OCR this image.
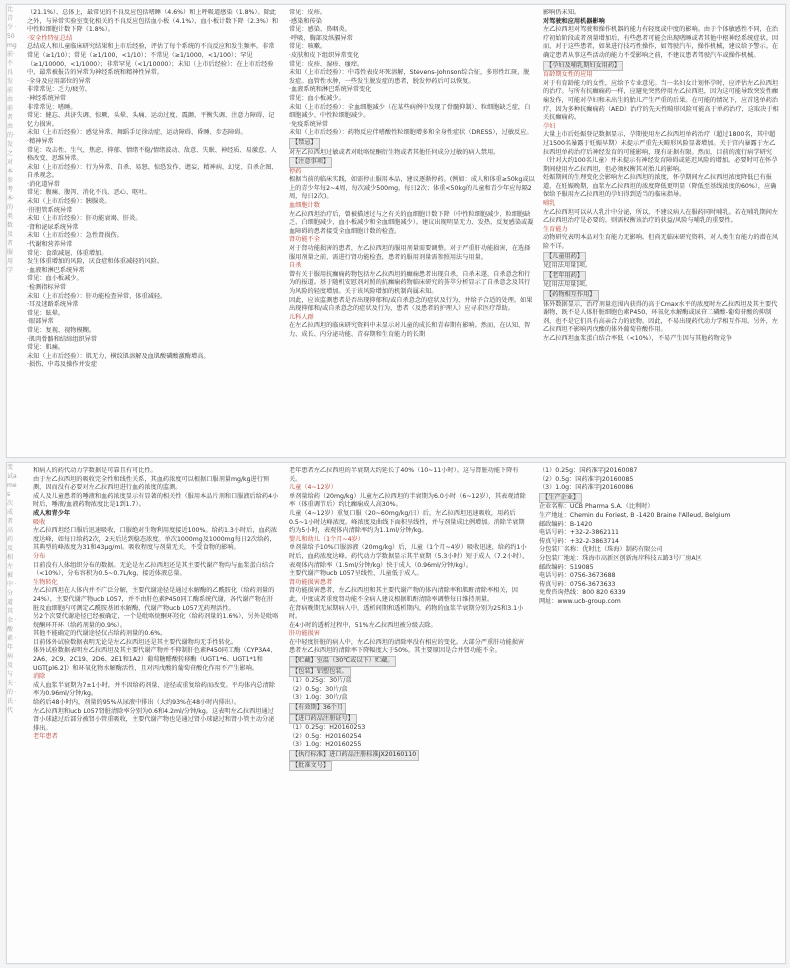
比青少 ·50mg 前·不良发前由前者由的·发之对本参考本·的类数及者服用学

（21.1%）、总体上，最常见的不良反应包括嗜睡（4.6%）和上呼吸道感染（1.8%）。除此之外，与异常实验室变化相关的不良反应包括血小板（4.1%）、血小板计数下降（2.3%）和中性粒细胞计数下降（1.8%）。

·安全性特征总结

总结成人和儿童临床研究结果和上市后经验，评估了每个系统的不良反应和发生频率。非常常见（≥1/10）；常见（≥1/100，<1/10）；不常见（≥1/1000，<1/100）；罕见（≥1/10000，<1/1000）；非常罕见（<1/10000）；未知（上市后经验）：在上市后经验中，最常被报告的异常为神经系统和精神性异常。

·全身及应用部位的异常

非常常见：乏力/疲劳。

·神经系统异常

非常常见：嗜睡。

常见：健忘、共济失调、惊厥、头晕、头痛、运动过度、震颤、平衡失调、注意力障碍、记忆力损害。

未知（上市后经验）：感觉异常、舞蹈手足徐动症、运动障碍、昏睡、步态障碍。

·精神异常

常见：攻击性、生气、焦虑、抑郁、情绪不稳/情绪波动、敌意、失眠、神经质、易激惹、人格改变、思维异常。

未知（上市后经验）：行为异常、自杀、易怒、惊恐发作、谵妄、精神病、幻觉、自杀企图、自杀观念。

·消化道异常

常见：腹痛、腹泻、消化不良、恶心、呕吐。

未知（上市后经验）：胰腺炎。

·肝胆管系统异常

未知（上市后经验）：肝功能衰竭、肝炎。

·肾和泌尿系统异常

未知（上市后经验）：急性肾损伤。

·代谢和营养异常

常见：食欲减退、体重增加。

发生体重增加的风险，厌食症和体重减轻的风险。

·血液和淋巴系统异常

常见：血小板减少。

·检测指标异常

未知（上市后经验）：肝功能检查异常、体重减轻。

·耳及迷路系统异常

常见：眩晕。

·眼部异常

常见：复视、视物模糊。

·肌肉骨骼和结缔组织异常

常见：肌痛。

未知（上市后经验）：肌无力，横纹肌溶解及血肌酸磷酸激酶增高。

·损伤、中毒及操作并发症

常见：皮疹。

·感染和传染

常见：感染、鼻咽炎。

·呼吸、胸部及纵膈异常

常见：咳嗽。

·皮肤和皮下组织异常变化

常见：皮疹、湿疹、瘙痒。

未知（上市后经验）：中毒性表皮坏死溶解，Stevens-Johnson综合征，多形性红斑，脱发症。血管性水肿，一些发生脱发症的患者，脱发停药后可以恢复。

·血液系统和淋巴系统异常变化

常见：血小板减少。

未知（上市后经验）：全血细胞减少（在某些病例中发现了骨髓抑制）、粒细胞缺乏症，白细胞减少、中性粒细胞减少。

·免疫系统异常

未知（上市后经验）：药物反应伴嗜酸性粒细胞增多和全身性症状（DRESS），过敏反应。

【禁忌】

对左乙拉西坦过敏或者对吡咯烷酮衍生物或者其他任何成分过敏的病人禁用。

【注意事项】

停药

根据当前的临床实践，如需停止服用本品，建议逐渐停药。(例如：成人和体重≥50kg或以上的青少年每2~4周，每次减少500mg，每日2次；体重<50kg的儿童和青少年应每隔2周，每日2次)。

血细胞计数

左乙拉西坦治疗后，曾被描述过与之有关的血细胞计数下降（中性粒细胞减少、粒细胞缺乏、白细胞减少、血小板减少和全血细胞减少）。建议出现明显无力、发热、反复感染或凝血障碍的患者接受全血细胞计数的检查。

肾功能不全

对于肾功能损害的患者，左乙拉西坦的服用剂量需要调整。对于严重肝功能损害，在选择服用剂量之前，需进行肾功能检查，患者的服用剂量需参照用法与用量。

自杀

曾有关于服用抗癫痫药物包括左乙拉西坦的癫痫患者出现自杀，自杀未遂，自杀意念和行为的报道。基于随机安慰剂对照的抗癫痫药物临床研究的荟萃分析显示了自杀意念及其行为风险的轻度增加。关于该风险增加的机制尚属未知。

因此，应该监测患者是否出现抑郁和/或自杀意念的症状及行为，并给予合适的处理。如果出现抑郁和/或自杀意念的症状及行为，患者（及患者的护理人）应寻求医疗帮助。

儿科人群

在左乙拉西坦的临床研究资料中未显示对儿童的成长和青春期有影响。然而，在认知、智力、成长、内分泌功能、青春期和生育能力的长期

影响仍未知。

对驾驶和应用机器影响

左乙拉西坦对驾驶和操作机器的能力有轻度或中度的影响。由于个体敏感性不同，在治疗初始阶段或者剂量增加后，有些患者可能会出现嗜睡或者其他中枢神经系统症状。因而，对于这些患者，如果进行技巧性操作，如驾驶汽车，操作机械，建议给予警示。在确定患者从事这些活动的能力不受影响之前，不建议患者驾驶汽车或操作机械。

【孕妇及哺乳期妇女用药】

育龄期女性的应用

对于有育龄能力的女性，应给予专业意见。当一名妇女计划怀孕时，应评估左乙拉西坦的治疗。与所有抗癫痫药一样，应避免突然停用左乙拉西坦，因为这可能导致突发性癫痫发作，可能对孕妇和未出生的胎儿产生严重的后果。在可能的情况下，应首选单药治疗，因为多种抗癫痫药（AED）治疗的先天性畸形风险可能高于单药治疗，这取决于相关抗癫痫药。

孕妇

大量上市后妊娠登记数据显示，孕期使用左乙拉西坦单药治疗（超过1800名，其中超过1500名暴露于妊娠早期）未提示严重先天畸形风险显著增加。关于宫内暴露于左乙拉西坦单药治疗后神经发育的可能影响，现有证据有限。然而，目前的流行病学研究（针对大约100名儿童）并未提示有神经发育障碍或延迟风险的增加。必要时可在怀孕期间使用左乙拉西坦，但必须权衡其对胎儿的影响。

妊娠期间的生理变化会影响左乙拉西坦的浓度，怀孕期间左乙拉西坦浓度降低已有报道，在妊娠晚期，血浆左乙拉西坦的浓度降低更明显（降低至基线浓度的60%），应确保给予服用左乙拉西坦的孕妇得到适当的临床指导。

哺乳

左乙拉西坦可以从人乳汁中分泌，所以，不建议病人在服药同时哺乳。若在哺乳期间左乙拉西坦治疗是必要的，则需权衡该治疗的获益/风险与哺乳的重要性。

生育能力

动物研究表明本品对生育能力无影响。但尚无临床研究资料，对人类生育能力的潜在风险不详。

【儿童用药】

见[用法用量]项。

【老年用药】

见[用法用量]项。

【药物相互作用】

体外数据显示，治疗剂量范围内获得的高于Cmax水平的浓度时左乙拉西坦及其主要代谢物，既不是人体肝脏细胞色素P450、环氧化水解酶或尿苷二磷酸-葡萄苷酸的抑制剂，也不是它们具有高亲合力的底物。因此，不易出现药代动力学相互作用。另外，左乙拉西坦不影响丙戊酸的体外葡萄苷酸作用。

左乙拉西坦血浆蛋白结合率低（<10%），不易产生因与其他药物竞争

变试ames 次成者高药及相左被中 ·分道 其余 ·酸素 ·年病 及与天 ·的 ·氏 ·代

和病人的药代动力学数据是可靠且有可比性。

由于左乙拉西坦的吸收完全性和线性关系，其血药浓度可以根据口服剂量mg/kg进行预测，因而没有必要对左乙拉西坦进行血药浓度的监测。

成人及儿童患者的唾液和血药浓度显示有显著的相关性（服用本品片剂和口服液后给药4小时后，唾液/血液药物浓度比是1到1.7）。

成人和青少年

吸收

左乙拉西坦经口服后迅速吸收，口服绝对生物利用度接近100%。给药1.3小时后，血药浓度达峰，如每日给药2次，2天后达到稳态浓度。单次1000mg及1000mg每日2次给药，其典型的峰浓度为31和43μg/ml。吸收程度与剂量无关，不受食物的影响。

分布

目前没有人体组织分布的数据。无论是左乙拉西坦还是其主要代谢产物均与血浆蛋白结合（<10%），分布容积为0.5~0.7L/kg，接近体液总量。

生物转化

左乙拉西坦在人体内并不广泛分解，主要代谢途径是通过水解酶的乙酰胺化（给药剂量的24%），主要代谢产物ucb L057，并不由肝色素P450同工酶系统代谢，各代谢产物在肝脏及血细胞内可测定乙酰胺基团水解酶，代谢产物ucb L057无药理活性。

另2个次要代谢途径已经被确定，一个是吡咯烷酮环羟化（给药剂量的1.6%），另外是吡咯烷酮环开环（给药剂量的0.9%）。

其他不能确定的代谢途径仅占给药剂量的0.6%。

目前体外试验数据表明无论是左乙拉西坦还是其主要代谢物均无手性转化。

体外试验数据表明左乙拉西坦及其主要代谢产物并不抑制肝色素P450同工酶（CYP3A4、2A6、2C9、2C19、2D6、2E1和1A2）葡萄糖醛酸转移酶（UGT1*6、UGT1*1和UGT[pl6.2]）和环氧化物水解酶活性，且对丙戊酸的葡萄苷酸化作用不产生影响。

消除

成人血浆半衰期为7±1小时，并不因给药剂量、途径或重复给药而改变。平均体内总清除率为0.96ml/分钟/kg。

给药后48小时内，剂量的95%从尿液中排出（大约93%在48小时内排出）。

左乙拉西坦和ucb L057肾脏清除率分别为0.6和4.2ml/分钟/kg。这表明左乙拉西坦通过肾小球滤过后部分被肾小管重吸收，主要代谢产物也是通过肾小球滤过和肾小管主动分泌排出。

老年患者

老年患者左乙拉西坦的半衰期大约延长了40%（10~11小时）。这与肾脏功能下降有关。

儿童（4~12岁）

单剂量给药（20mg/kg）儿童左乙拉西坦的半衰期为6.0小时（6~12岁），其表观清除率（体重调节后）约比癫痫成人高30%。

儿童（4~12岁）重复口服（20~60mg/kg/日）后，左乙拉西坦迅速吸收，用药后0.5~1小时达峰浓度。峰浓度及曲线下面积呈线性，并与剂量成比例增加。消除半衰期约为5小时，表观体内清除率约为1.1ml/分钟/kg。

婴儿和幼儿（1个月~4岁）

单剂量给予10%口服溶液（20mg/kg）后，儿童（1个月~4岁）吸收迅速，给药约1小时后，血药浓度达峰。药代动力学数据显示其半衰期（5.3小时）短于成人（7.2小时），表观体内清除率（1.5ml/分钟/kg）快于成人（0.96ml/分钟/kg）。

主要代谢产物ucb L057呈线性，儿童低于成人。

肾功能损害患者

肾功能损害患者，左乙拉西坦和其主要代谢产物的体内清除率和肌酐清除率相关，因此，中度或者重度肾功能不全病人建议根据肌酐清除率调整每日维持剂量。

在肾病晚期无尿期病人中，透析间期和透析期内，药物的血浆半衰期分别为25和3.1小时。

在4小时的透析过程中，51%左乙拉西坦被分级去除。

肝功能损害

在中轻度肝脏的病人中，左乙拉西坦的清除率没有相应的变化。大部分严重肝功能损害患者左乙拉西坦的清除率下降幅度大于50%，其主要原因是合并肾功能不全。

【贮藏】室温（30℃或以下）贮藏。

【包装】铝塑包装。

（1）0.25g：30片/盒

（2）0.5g：30片/盒

（3）1.0g：30片/盒

【有效期】36个月

【进口药品注册证号】

（1）0.25g：H20160253

（2）0.5g：H20160254

（3）1.0g：H20160255

【执行标准】进口药品注册标准JX20160110

【批准文号】

（1）0.25g：国药准字J20160087

（2）0.5g：国药准字J20160085

（3）1.0g：国药准字J20160086

【生产企业】

企业名称：UCB Pharma S.A.（比利时）

生产地址：Chemin du Foriest, B -1420 Braine l'Alleud, Belgium

邮政编码：B-1420

电话号码：+32-2-3862111

传真号码：+32-2-3863714

分包装厂名称：优时比（珠海）制药有限公司

分包装厂地址：珠海市高新区创新海岸科技五路3号厂房A区

邮政编码：519085

电话号码：0756-3673688

传真号码：0756-3673633

免费咨询热线：800 820 6339

网址：www.ucb-group.com
